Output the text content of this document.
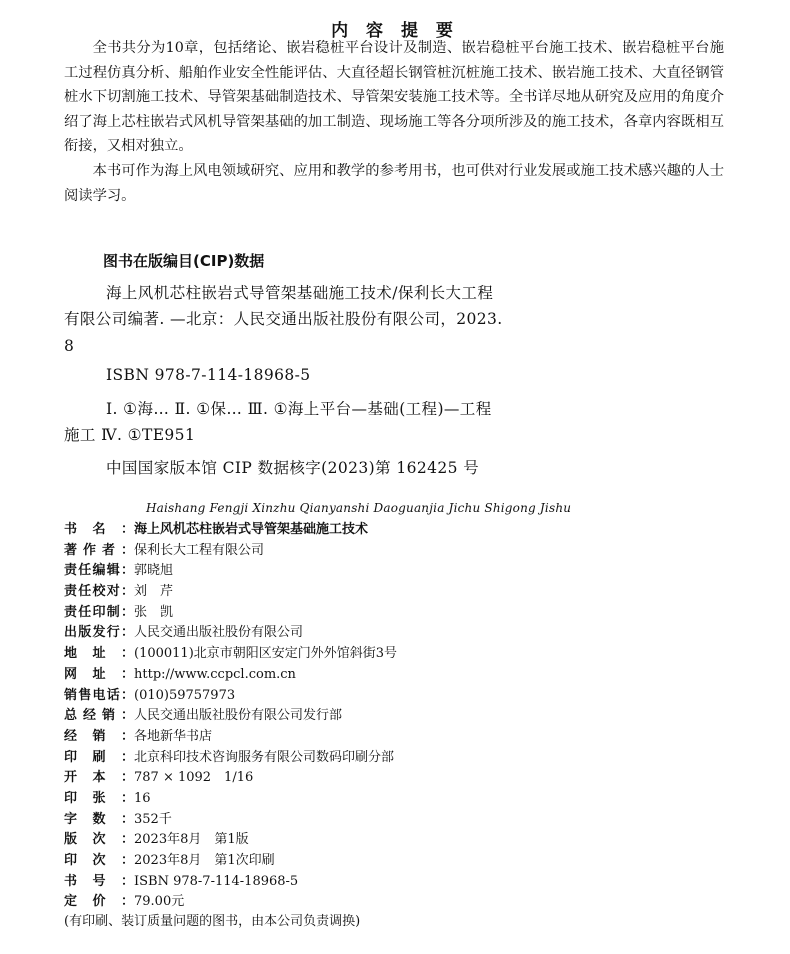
内 容 提 要

全书共分为10章，包括绪论、嵌岩稳桩平台设计及制造、嵌岩稳桩平台施工技术、嵌岩稳桩平台施工过程仿真分析、船舶作业安全性能评估、大直径超长钢管桩沉桩施工技术、嵌岩施工技术、大直径钢管桩水下切割施工技术、导管架基础制造技术、导管架安装施工技术等。全书详尽地从研究及应用的角度介绍了海上芯柱嵌岩式风机导管架基础的加工制造、现场施工等各分项所涉及的施工技术，各章内容既相互衔接，又相对独立。

本书可作为海上风电领域研究、应用和教学的参考用书，也可供对行业发展或施工技术感兴趣的人士阅读学习。

图书在版编目(CIP)数据

海上风机芯柱嵌岩式导管架基础施工技术/保利长大工程有限公司编著. —北京：人民交通出版社股份有限公司，2023. 8

ISBN 978-7-114-18968-5

Ⅰ. ①海… Ⅱ. ①保… Ⅲ. ①海上平台—基础(工程)—工程施工 Ⅳ. ①TE951

中国国家版本馆 CIP 数据核字(2023)第 162425 号

Haishang Fengji Xinzhu Qianyanshi Daoguanjia Jichu Shigong Jishu
书名：海上风机芯柱嵌岩式导管架基础施工技术
著作者：保利长大工程有限公司
责任编辑：郭晓旭
责任校对：刘　芹
责任印制：张　凯
出版发行：人民交通出版社股份有限公司
地址：(100011)北京市朝阳区安定门外外馆斜街3号
网址：http://www.ccpcl.com.cn
销售电话：(010)59757973
总经销：人民交通出版社股份有限公司发行部
经销：各地新华书店
印刷：北京科印技术咨询服务有限公司数码印刷分部
开本：787 × 1092　1/16
印张：16
字数：352千
版次：2023年8月　第1版
印次：2023年8月　第1次印刷
书号：ISBN 978-7-114-18968-5
定价：79.00元
(有印刷、装订质量问题的图书，由本公司负责调换)
